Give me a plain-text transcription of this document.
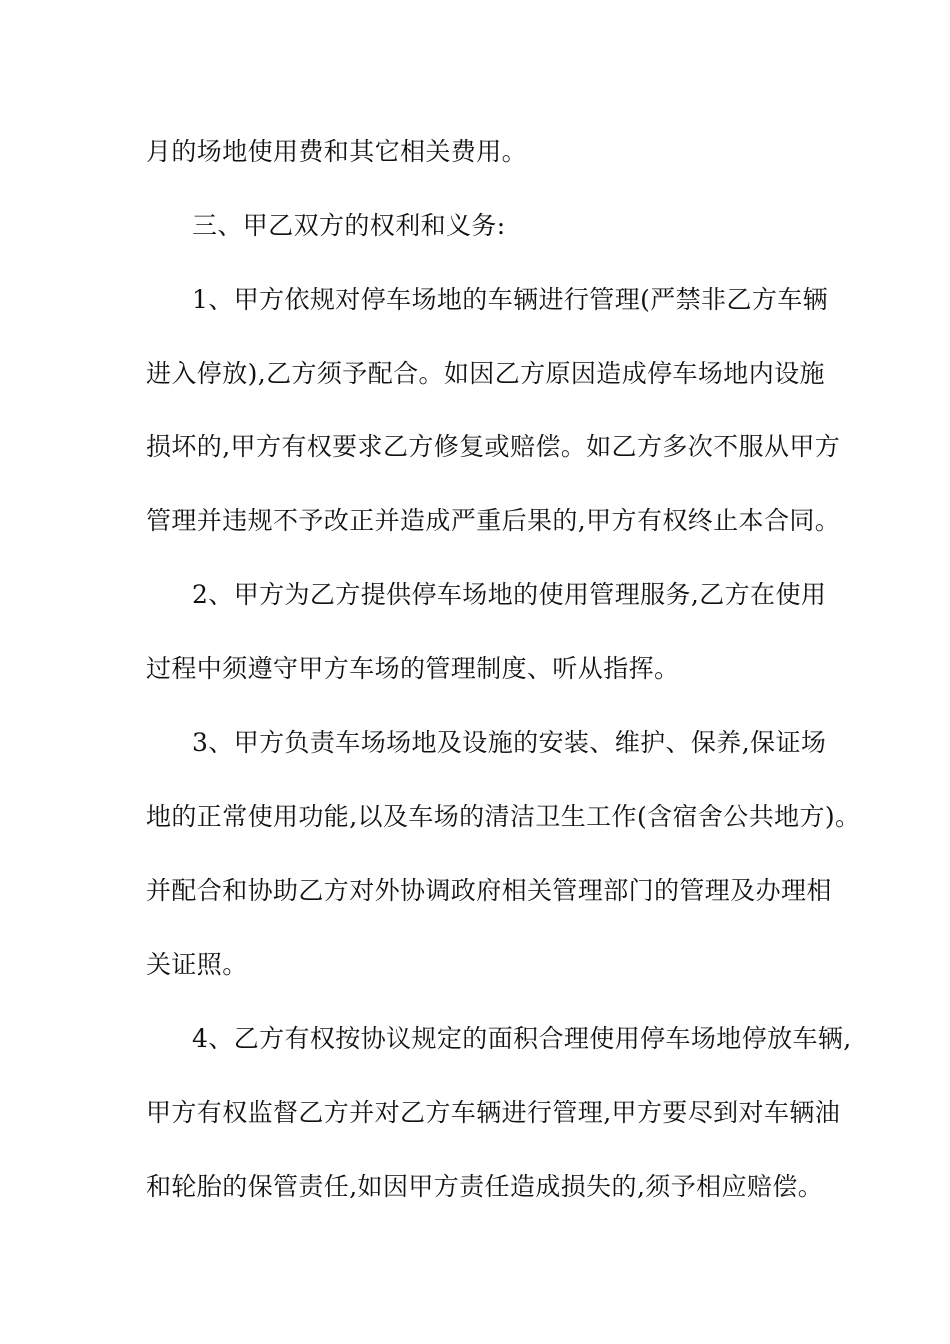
月的场地使用费和其它相关费用。
三、甲乙双方的权利和义务:
1、甲方依规对停车场地的车辆进行管理(严禁非乙方车辆
进入停放),乙方须予配合。如因乙方原因造成停车场地内设施
损坏的,甲方有权要求乙方修复或赔偿。如乙方多次不服从甲方
管理并违规不予改正并造成严重后果的,甲方有权终止本合同。
2、甲方为乙方提供停车场地的使用管理服务,乙方在使用
过程中须遵守甲方车场的管理制度、听从指挥。
3、甲方负责车场场地及设施的安装、维护、保养,保证场
地的正常使用功能,以及车场的清洁卫生工作(含宿舍公共地方)。
并配合和协助乙方对外协调政府相关管理部门的管理及办理相
关证照。
4、乙方有权按协议规定的面积合理使用停车场地停放车辆,
甲方有权监督乙方并对乙方车辆进行管理,甲方要尽到对车辆油
和轮胎的保管责任,如因甲方责任造成损失的,须予相应赔偿。
